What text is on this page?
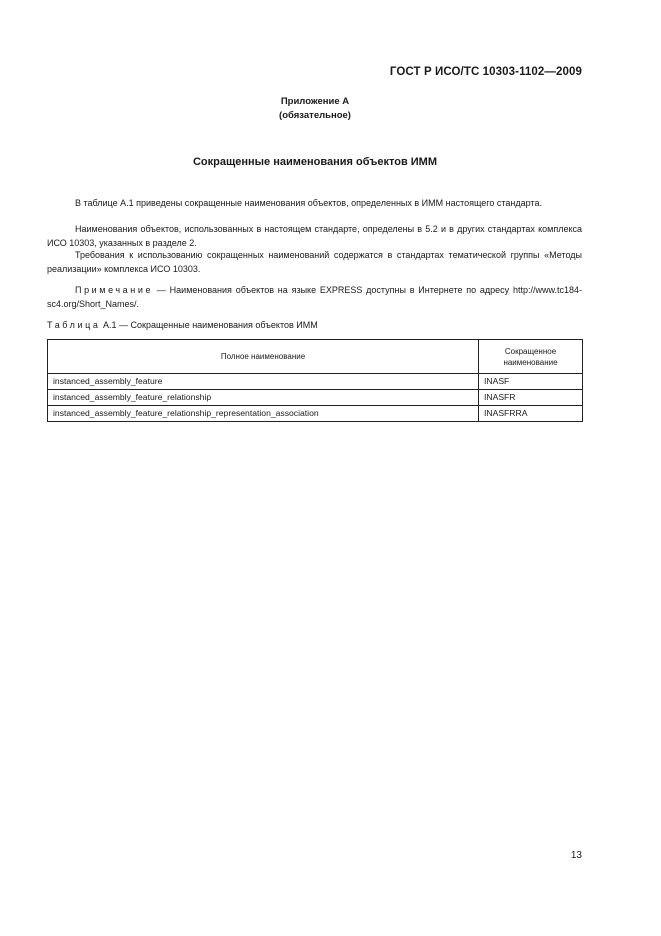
ГОСТ Р ИСО/ТС 10303-1102—2009
Приложение А
(обязательное)
Сокращенные наименования объектов ИММ

В таблице А.1 приведены сокращенные наименования объектов, определенных в ИММ настоящего стандарта.

Наименования объектов, использованных в настоящем стандарте, определены в 5.2 и в других стандартах комплекса ИСО 10303, указанных в разделе 2.

Требования к использованию сокращенных наименований содержатся в стандартах тематической группы «Методы реализации» комплекса ИСО 10303.

Примечание — Наименования объектов на языке EXPRESS доступны в Интернете по адресу http://www.tc184-sc4.org/Short_Names/.

Таблица А.1 — Сокращенные наименования объектов ИММ
Полное наименование	Сокращенное наименование
instanced_assembly_feature	INASF
instanced_assembly_feature_relationship	INASFR
instanced_assembly_feature_relationship_representation_association	INASFRRA
13
